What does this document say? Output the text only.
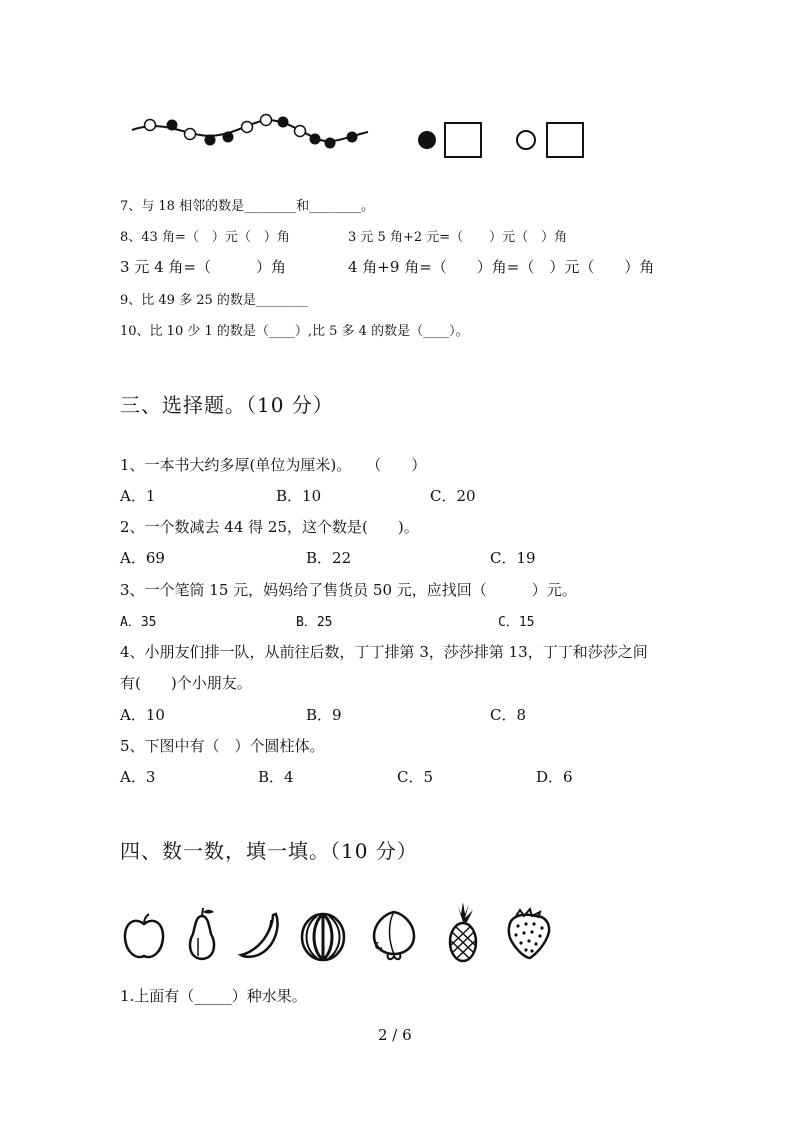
7、与 18 相邻的数是________和________。
8、43 角=（　）元（　）角	3 元 5 角+2 元=（　　）元（　）角
3 元 4 角=（　　　）角	4 角+9 角=（　　）角=（　）元（　　）角
9、比 49 多 25 的数是________
10、比 10 少 1 的数是（____）,比 5 多 4 的数是（____）。
三、选择题。（10 分）
1、一本书大约多厚(单位为厘米)。　　（　　）
A．1	B．10	C．20
2、一个数减去 44 得 25，这个数是(　　)。
A．69	B．22	C．19
3、一个笔筒 15 元，妈妈给了售货员 50 元，应找回（　　　）元。
A．35	B．25	C．15
4、小朋友们排一队，从前往后数，丁丁排第 3，莎莎排第 13，丁丁和莎莎之间
有(　　)个小朋友。
A．10	B．9	C．8
5、下图中有（　）个圆柱体。
A．3	B．4	C．5	D．6
四、数一数，填一填。（10 分）
1.上面有（_____）种水果。
2 / 6
